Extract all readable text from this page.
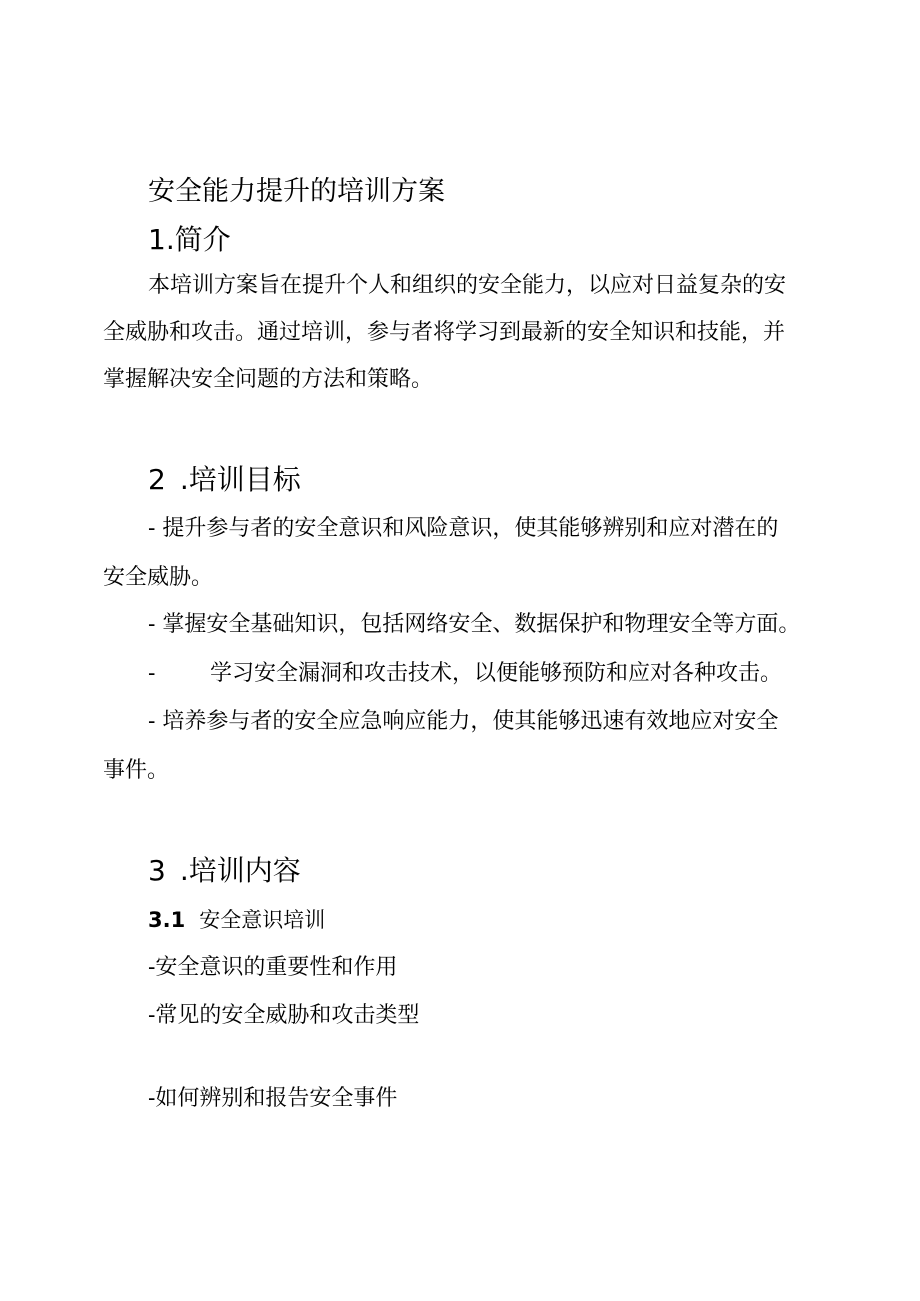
安全能力提升的培训方案
1.简介
本培训方案旨在提升个人和组织的安全能力，以应对日益复杂的安
全威胁和攻击。通过培训，参与者将学习到最新的安全知识和技能，并
掌握解决安全问题的方法和策略。
2 .培训目标
- 提升参与者的安全意识和风险意识，使其能够辨别和应对潜在的
安全威胁。
- 掌握安全基础知识，包括网络安全、数据保护和物理安全等方面。
- 学习安全漏洞和攻击技术，以便能够预防和应对各种攻击。
- 培养参与者的安全应急响应能力，使其能够迅速有效地应对安全
事件。
3 .培训内容
3.1 安全意识培训
-安全意识的重要性和作用
-常见的安全威胁和攻击类型
-如何辨别和报告安全事件
